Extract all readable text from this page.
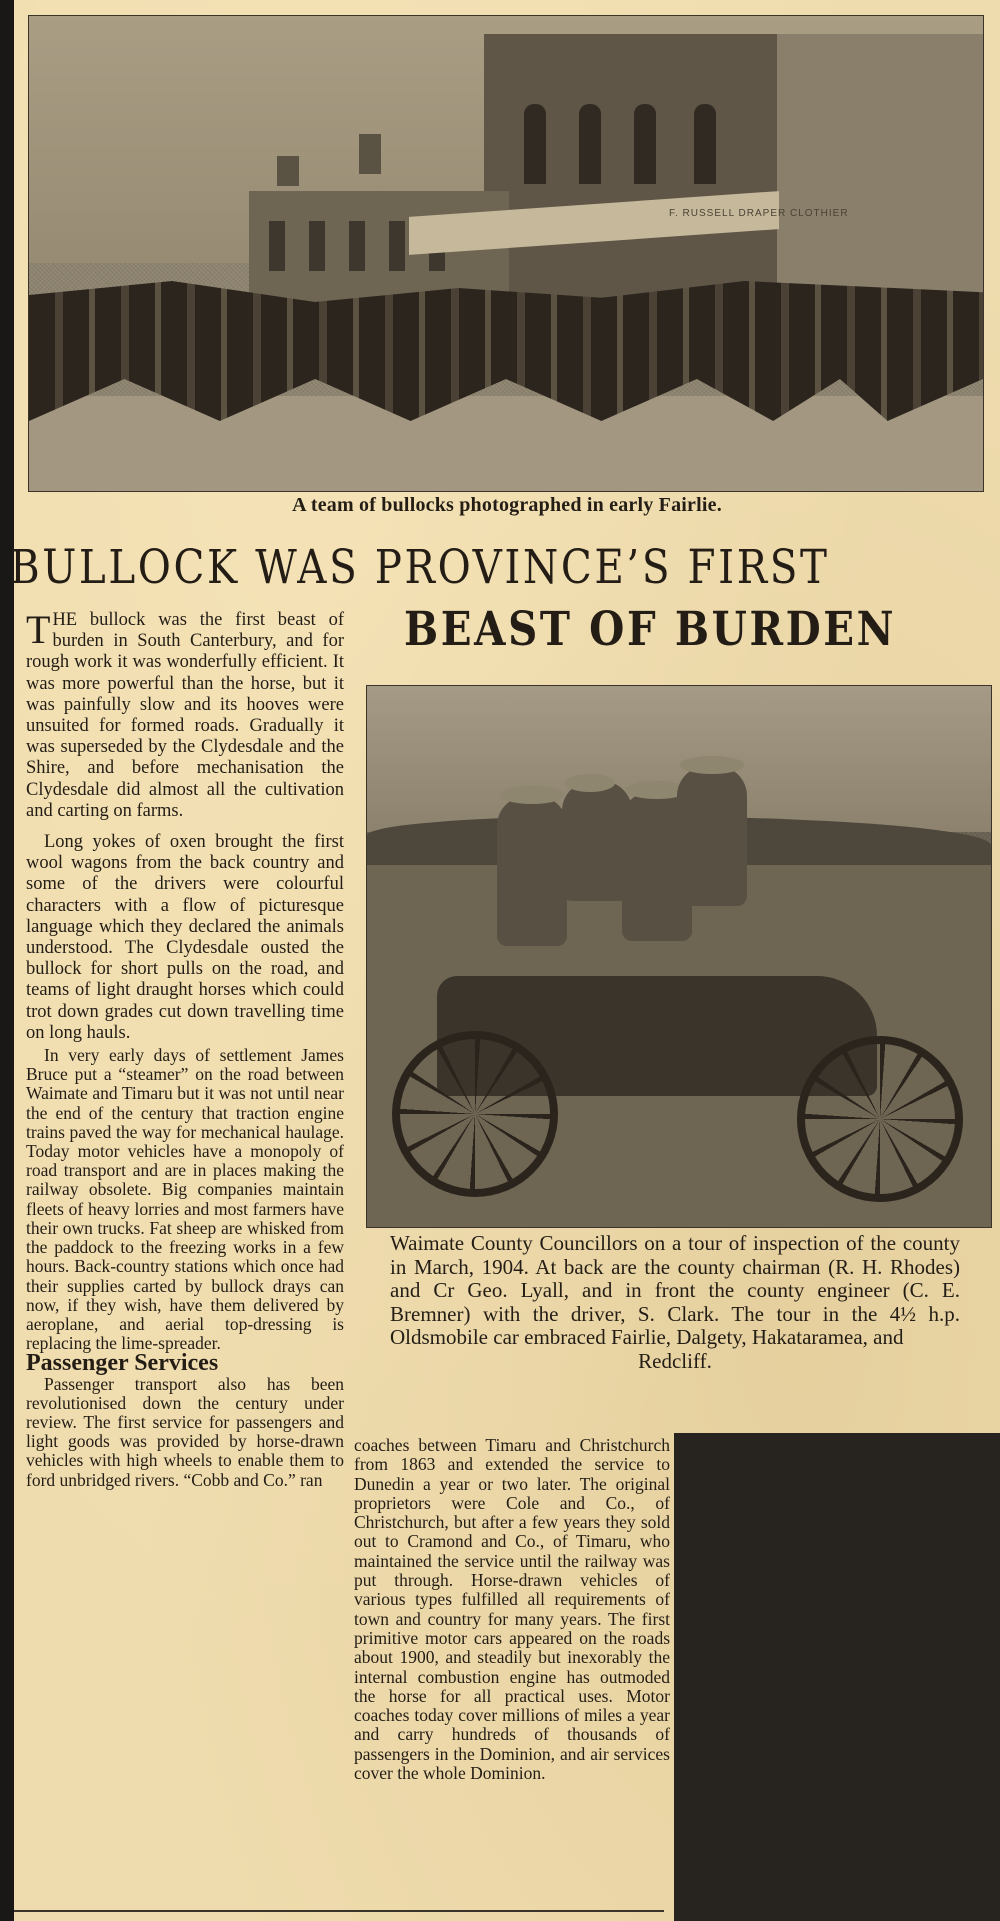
F. RUSSELL DRAPER CLOTHIER
A team of bullocks photographed in early Fairlie.
BULLOCK WAS PROVINCE’S FIRST
BEAST OF BURDEN

THE bullock was the first beast of burden in South Canterbury, and for rough work it was wonderfully efficient. It was more powerful than the horse, but it was painfully slow and its hooves were unsuited for formed roads. Gradually it was superseded by the Clydesdale and the Shire, and before mechanisation the Clydesdale did almost all the cultivation and carting on farms.

Long yokes of oxen brought the first wool wagons from the back country and some of the drivers were colourful characters with a flow of picturesque language which they declared the animals understood. The Clydesdale ousted the bullock for short pulls on the road, and teams of light draught horses which could trot down grades cut down travelling time on long hauls.

In very early days of settlement James Bruce put a “steamer” on the road between Waimate and Timaru but it was not until near the end of the century that traction engine trains paved the way for mechanical haulage. Today motor vehicles have a monopoly of road transport and are in places making the railway obsolete. Big companies maintain fleets of heavy lorries and most farmers have their own trucks. Fat sheep are whisked from the paddock to the freezing works in a few hours. Back-country stations which once had their supplies carted by bullock drays can now, if they wish, have them delivered by aeroplane, and aerial top-dressing is replacing the lime-spreader.

Passenger Services

Passenger transport also has been revolutionised down the century under review. The first service for passengers and light goods was provided by horse-drawn vehicles with high wheels to enable them to ford unbridged rivers. “Cobb and Co.” ran

Waimate County Councillors on a tour of inspection of the county in March, 1904. At back are the county chairman (R. H. Rhodes) and Cr Geo. Lyall, and in front the county engineer (C. E. Bremner) with the driver, S. Clark. The tour in the 4½ h.p. Oldsmobile car embraced Fairlie, Dalgety, Hakataramea, and
Redcliff.

coaches between Timaru and Christchurch from 1863 and extended the service to Dunedin a year or two later. The original proprietors were Cole and Co., of Christchurch, but after a few years they sold out to Cramond and Co., of Timaru, who maintained the service until the railway was put through. Horse-drawn vehicles of various types fulfilled all requirements of town and country for many years. The first primitive motor cars appeared on the roads about 1900, and steadily but inexorably the internal combustion engine has outmoded the horse for all practical uses. Motor coaches today cover millions of miles a year and carry hundreds of thousands of passengers in the Dominion, and air services cover the whole Dominion.
